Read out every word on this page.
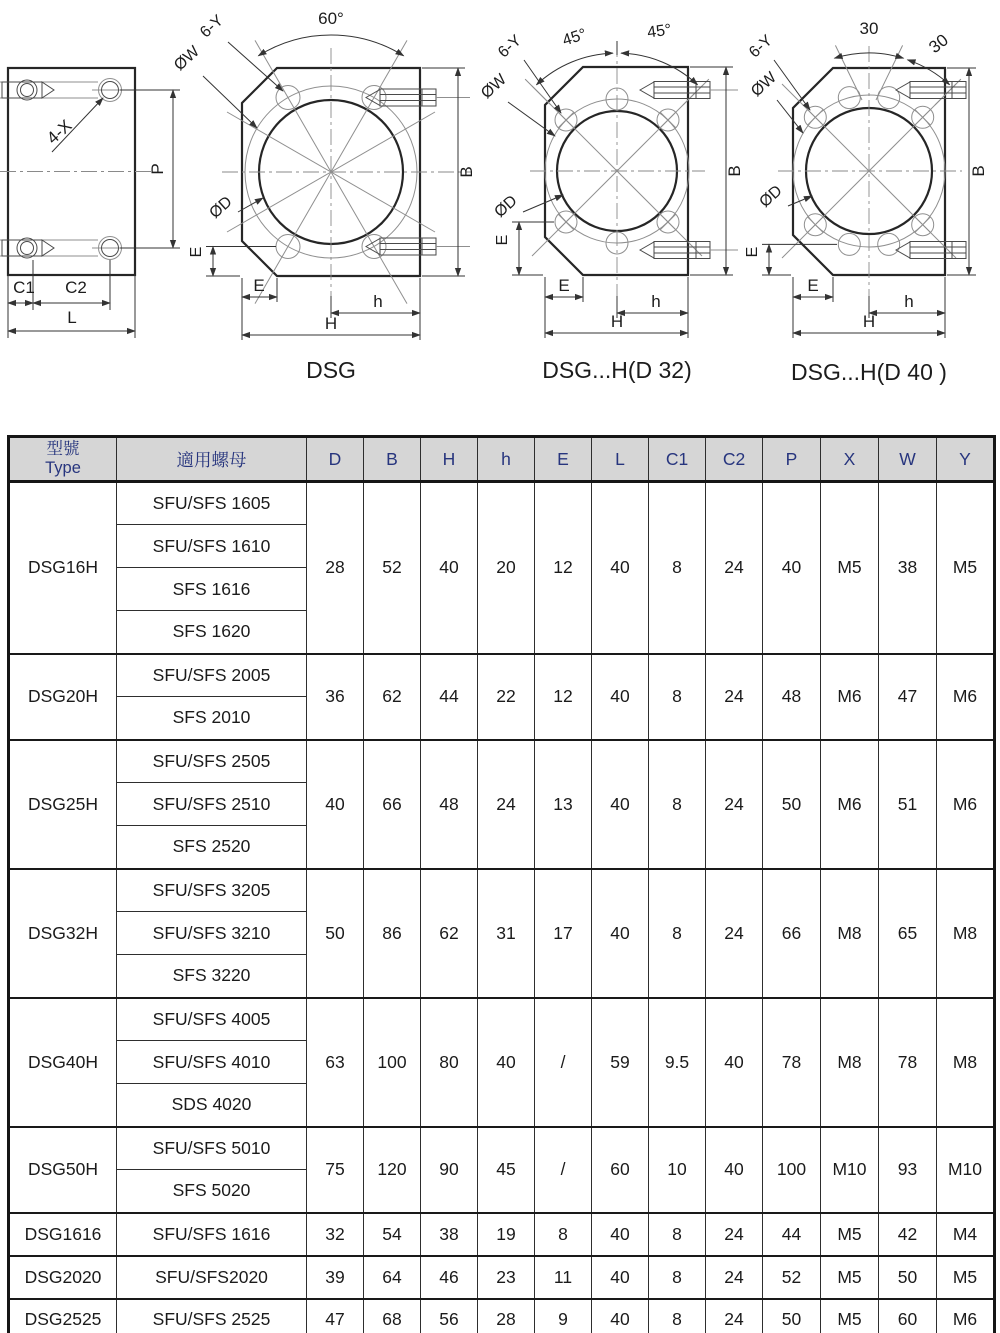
4-X
P
C1 C2
L
60°
6-Y
ØW
ØD
B
E
E
h
H
DSG
45°	45°
6-Y
ØW
ØD
B
E
E
h
H
DSG...H(D 32)
30
30
6-Y
ØW
ØD
B
E
E
h
H
DSG...H(D 40 )
型號
Type	適用螺母	D	B	H	h	E	L	C1	C2	P	X	W	Y
DSG16H	SFU/SFS 1605	28	52	40	20	12	40	8	24	40	M5	38	M5
	SFU/SFS 1610												
	SFS 1616												
	SFS 1620												
DSG20H	SFU/SFS 2005	36	62	44	22	12	40	8	24	48	M6	47	M6
	SFS 2010												
DSG25H	SFU/SFS 2505	40	66	48	24	13	40	8	24	50	M6	51	M6
	SFU/SFS 2510												
	SFS 2520												
DSG32H	SFU/SFS 3205	50	86	62	31	17	40	8	24	66	M8	65	M8
	SFU/SFS 3210												
	SFS 3220												
DSG40H	SFU/SFS 4005	63	100	80	40	/	59	9.5	40	78	M8	78	M8
	SFU/SFS 4010												
	SDS 4020												
DSG50H	SFU/SFS 5010	75	120	90	45	/	60	10	40	100	M10	93	M10
	SFS 5020												
DSG1616	SFU/SFS 1616	32	54	38	19	8	40	8	24	44	M5	42	M4
DSG2020	SFU/SFS2020	39	64	46	23	11	40	8	24	52	M5	50	M5
DSG2525	SFU/SFS 2525	47	68	56	28	9	40	8	24	50	M5	60	M6
